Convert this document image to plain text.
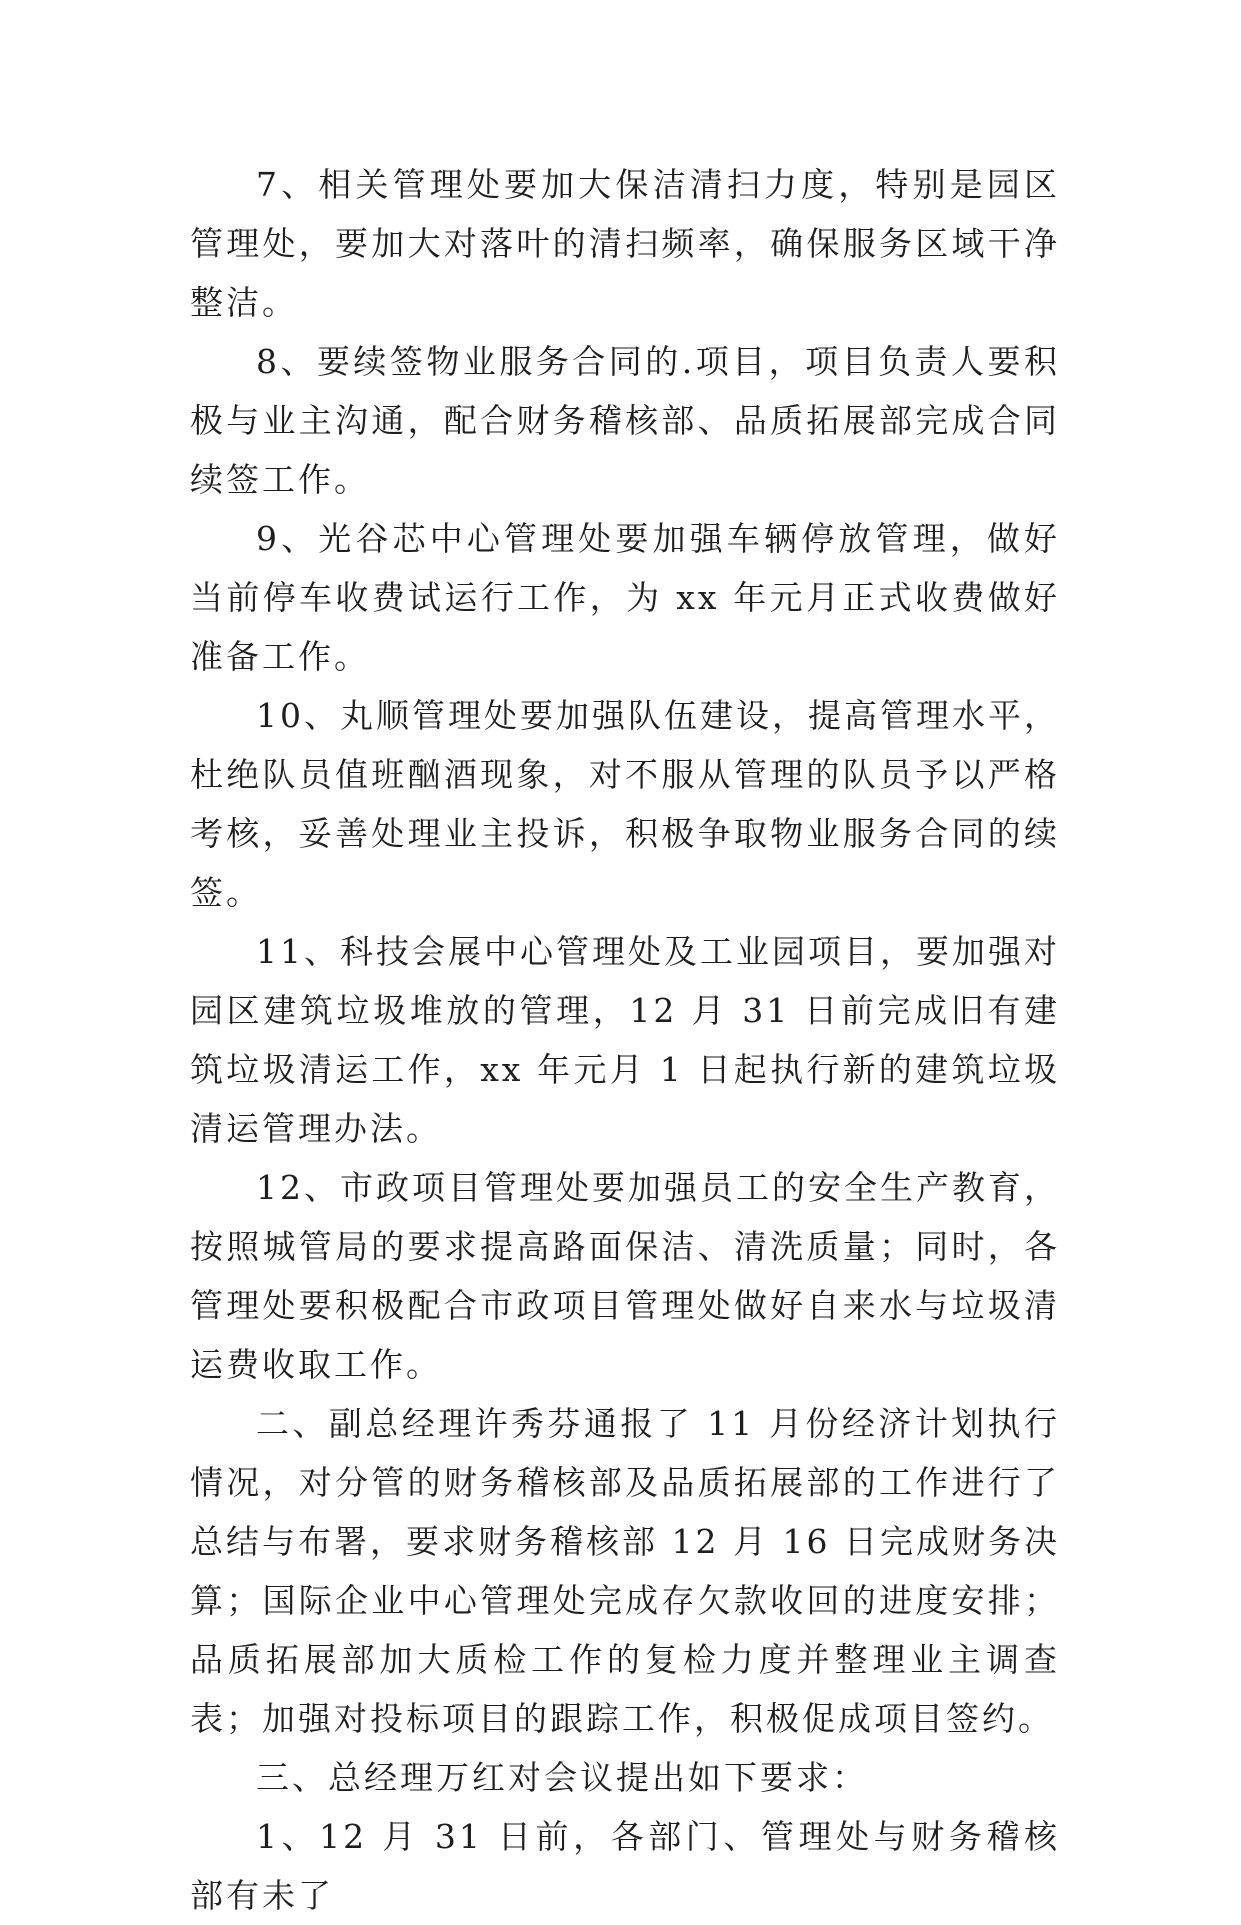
7、相关管理处要加大保洁清扫力度，特别是园区管理处，要加大对落叶的清扫频率，确保服务区域干净整洁。

8、要续签物业服务合同的.项目，项目负责人要积极与业主沟通，配合财务稽核部、品质拓展部完成合同续签工作。

9、光谷芯中心管理处要加强车辆停放管理，做好当前停车收费试运行工作，为 xx 年元月正式收费做好准备工作。

10、丸顺管理处要加强队伍建设，提高管理水平，杜绝队员值班酗酒现象，对不服从管理的队员予以严格考核，妥善处理业主投诉，积极争取物业服务合同的续签。

11、科技会展中心管理处及工业园项目，要加强对园区建筑垃圾堆放的管理，12 月 31 日前完成旧有建筑垃圾清运工作，xx 年元月 1 日起执行新的建筑垃圾清运管理办法。

12、市政项目管理处要加强员工的安全生产教育，按照城管局的要求提高路面保洁、清洗质量；同时，各管理处要积极配合市政项目管理处做好自来水与垃圾清运费收取工作。

二、副总经理许秀芬通报了 11 月份经济计划执行情况，对分管的财务稽核部及品质拓展部的工作进行了总结与布署，要求财务稽核部 12 月 16 日完成财务决算；国际企业中心管理处完成存欠款收回的进度安排；品质拓展部加大质检工作的复检力度并整理业主调查表；加强对投标项目的跟踪工作，积极促成项目签约。

三、总经理万红对会议提出如下要求：

1、12 月 31 日前，各部门、管理处与财务稽核部有未了
